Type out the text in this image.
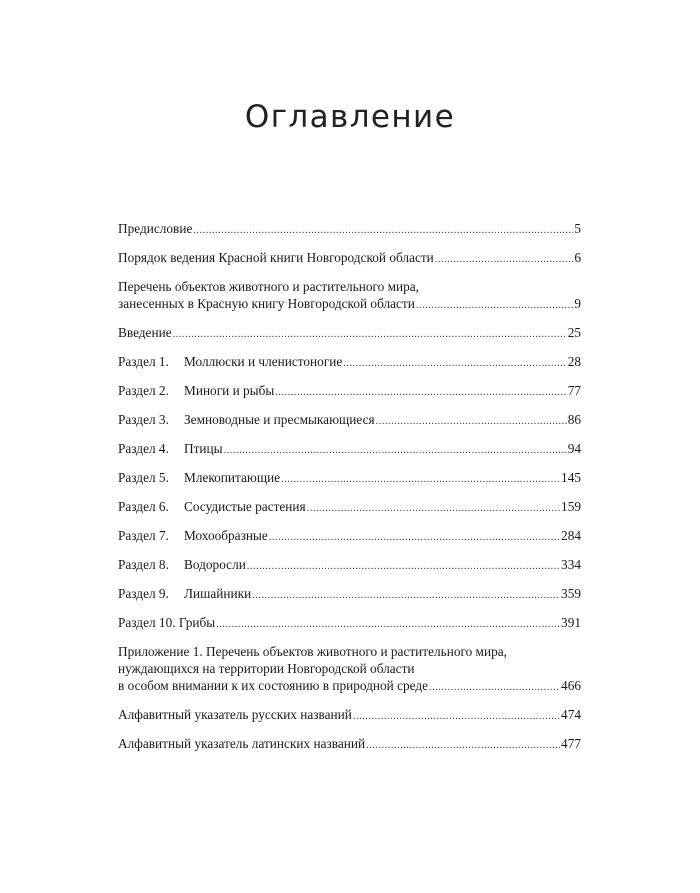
Оглавление
Предисловие .....	5
Порядок ведения Красной книги Новгородской области .....	6
Перечень объектов животного и растительного мира,
занесенных в Красную книгу Новгородской области .....	9
Введение .....	25
Раздел 1.	Моллюски и членистоногие .....	28
Раздел 2.	Миноги и рыбы .....	77
Раздел 3.	Земноводные и пресмыкающиеся .....	86
Раздел 4.	Птицы .....	94
Раздел 5.	Млекопитающие .....	145
Раздел 6.	Сосудистые растения .....	159
Раздел 7.	Мохообразные .....	284
Раздел 8.	Водоросли .....	334
Раздел 9.	Лишайники .....	359
Раздел 10. Грибы .....	391
Приложение 1. Перечень объектов животного и растительного мира,
нуждающихся на территории Новгородской области
в особом внимании к их состоянию в природной среде .....	466
Алфавитный указатель русских названий .....	474
Алфавитный указатель латинских названий .....	477
